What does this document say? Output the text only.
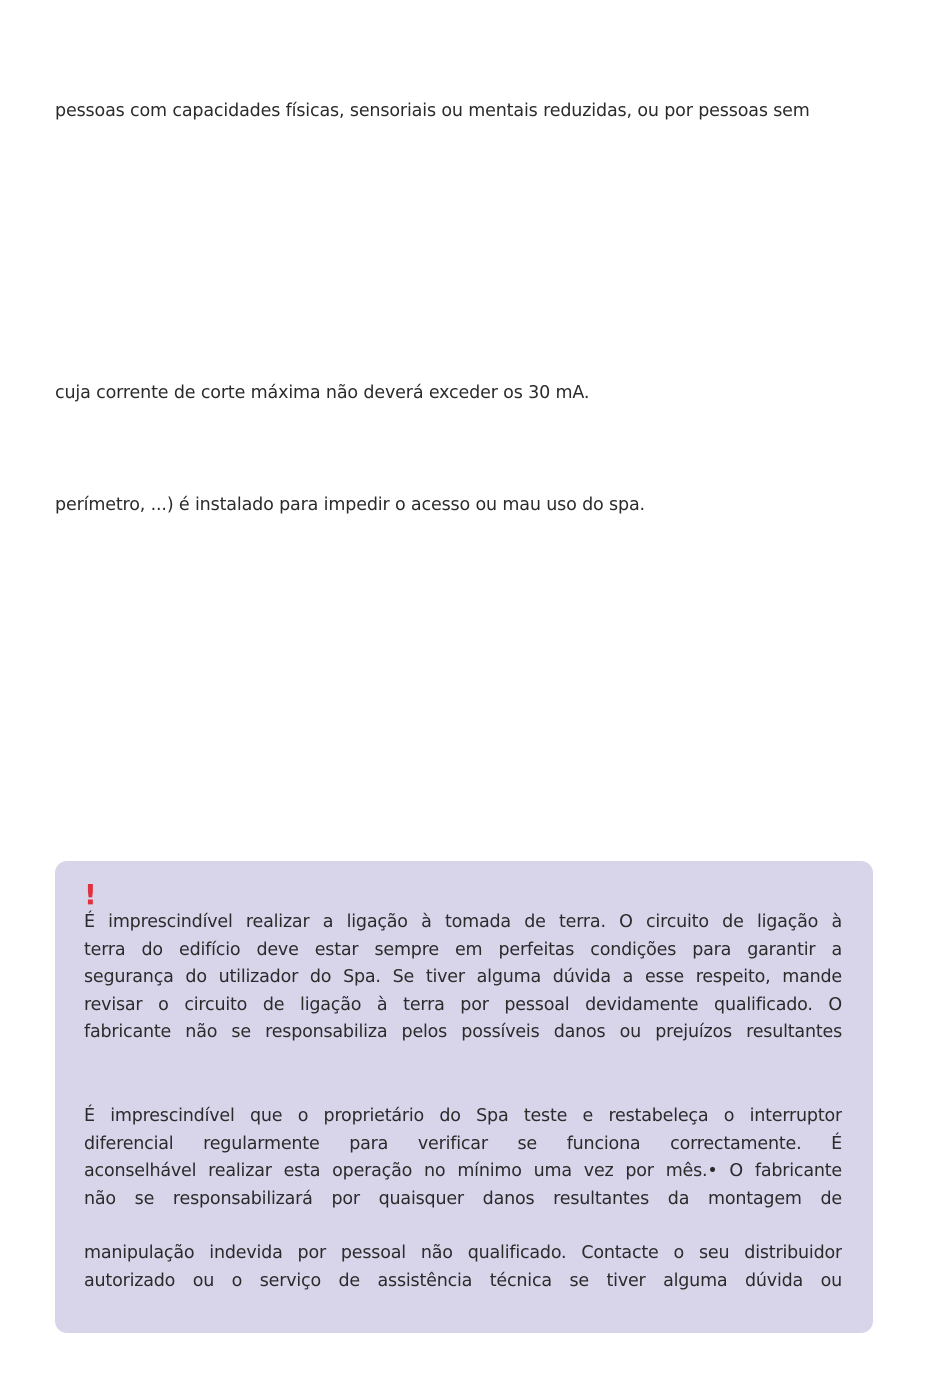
pessoas com capacidades físicas, sensoriais ou mentais reduzidas, ou por pessoas sem
cuja corrente de corte máxima não deverá exceder os 30 mA.
perímetro, ...) é instalado para impedir o acesso ou mau uso do spa.
!
É imprescindível realizar a ligação à tomada de terra. O circuito de ligação à
terra do edifício deve estar sempre em perfeitas condições para garantir a
segurança do utilizador do Spa. Se tiver alguma dúvida a esse respeito, mande
revisar o circuito de ligação à terra por pessoal devidamente qualificado. O
fabricante não se responsabiliza pelos possíveis danos ou prejuízos resultantes
É imprescindível que o proprietário do Spa teste e restabeleça o interruptor
diferencial regularmente para verificar se funciona correctamente. É
aconselhável realizar esta operação no mínimo uma vez por mês.• O fabricante
não se responsabilizará por quaisquer danos resultantes da montagem de
manipulação indevida por pessoal não qualificado. Contacte o seu distribuidor
autorizado ou o serviço de assistência técnica se tiver alguma dúvida ou
